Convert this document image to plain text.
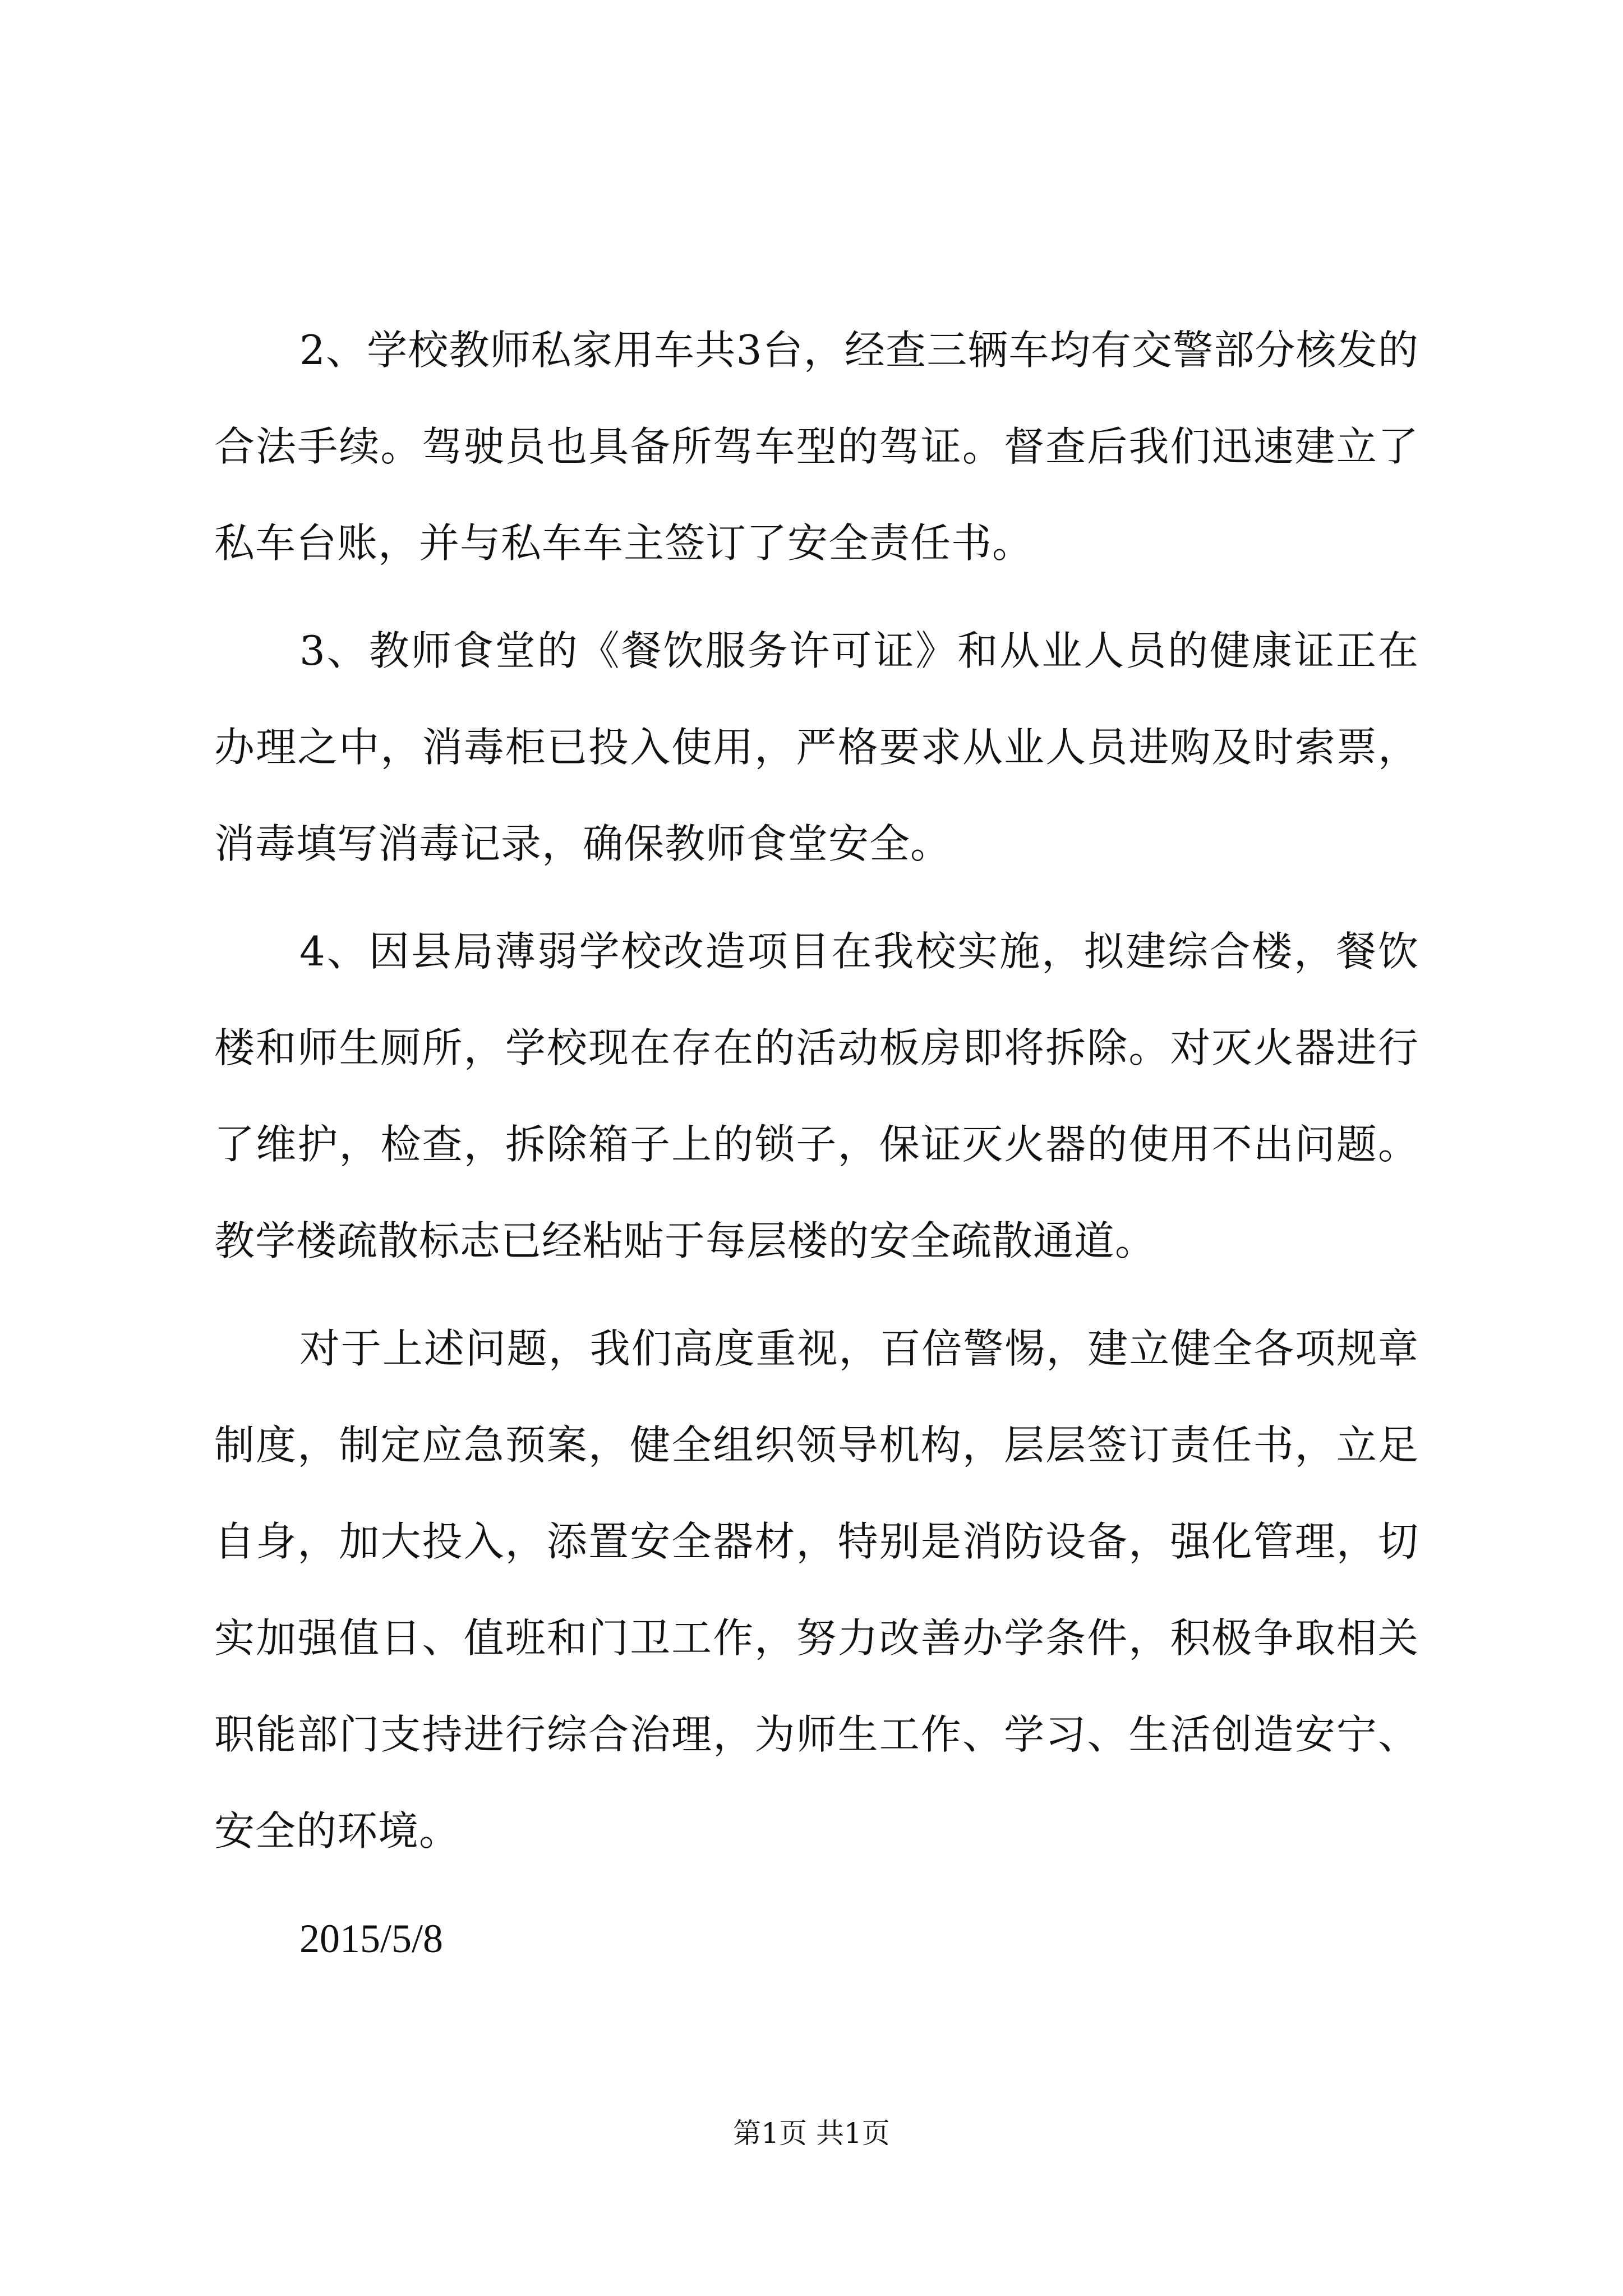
2、学校教师私家用车共3台，经查三辆车均有交警部分核发的合法手续。驾驶员也具备所驾车型的驾证。督查后我们迅速建立了私车台账，并与私车车主签订了安全责任书。

3、教师食堂的《餐饮服务许可证》和从业人员的健康证正在办理之中，消毒柜已投入使用，严格要求从业人员进购及时索票，消毒填写消毒记录，确保教师食堂安全。

4、因县局薄弱学校改造项目在我校实施，拟建综合楼，餐饮楼和师生厕所，学校现在存在的活动板房即将拆除。对灭火器进行了维护，检查，拆除箱子上的锁子，保证灭火器的使用不出问题。教学楼疏散标志已经粘贴于每层楼的安全疏散通道。

对于上述问题，我们高度重视，百倍警惕，建立健全各项规章制度，制定应急预案，健全组织领导机构，层层签订责任书，立足自身，加大投入，添置安全器材，特别是消防设备，强化管理，切实加强值日、值班和门卫工作，努力改善办学条件，积极争取相关职能部门支持进行综合治理，为师生工作、学习、生活创造安宁、安全的环境。

2015/5/8

第1页 共1页
